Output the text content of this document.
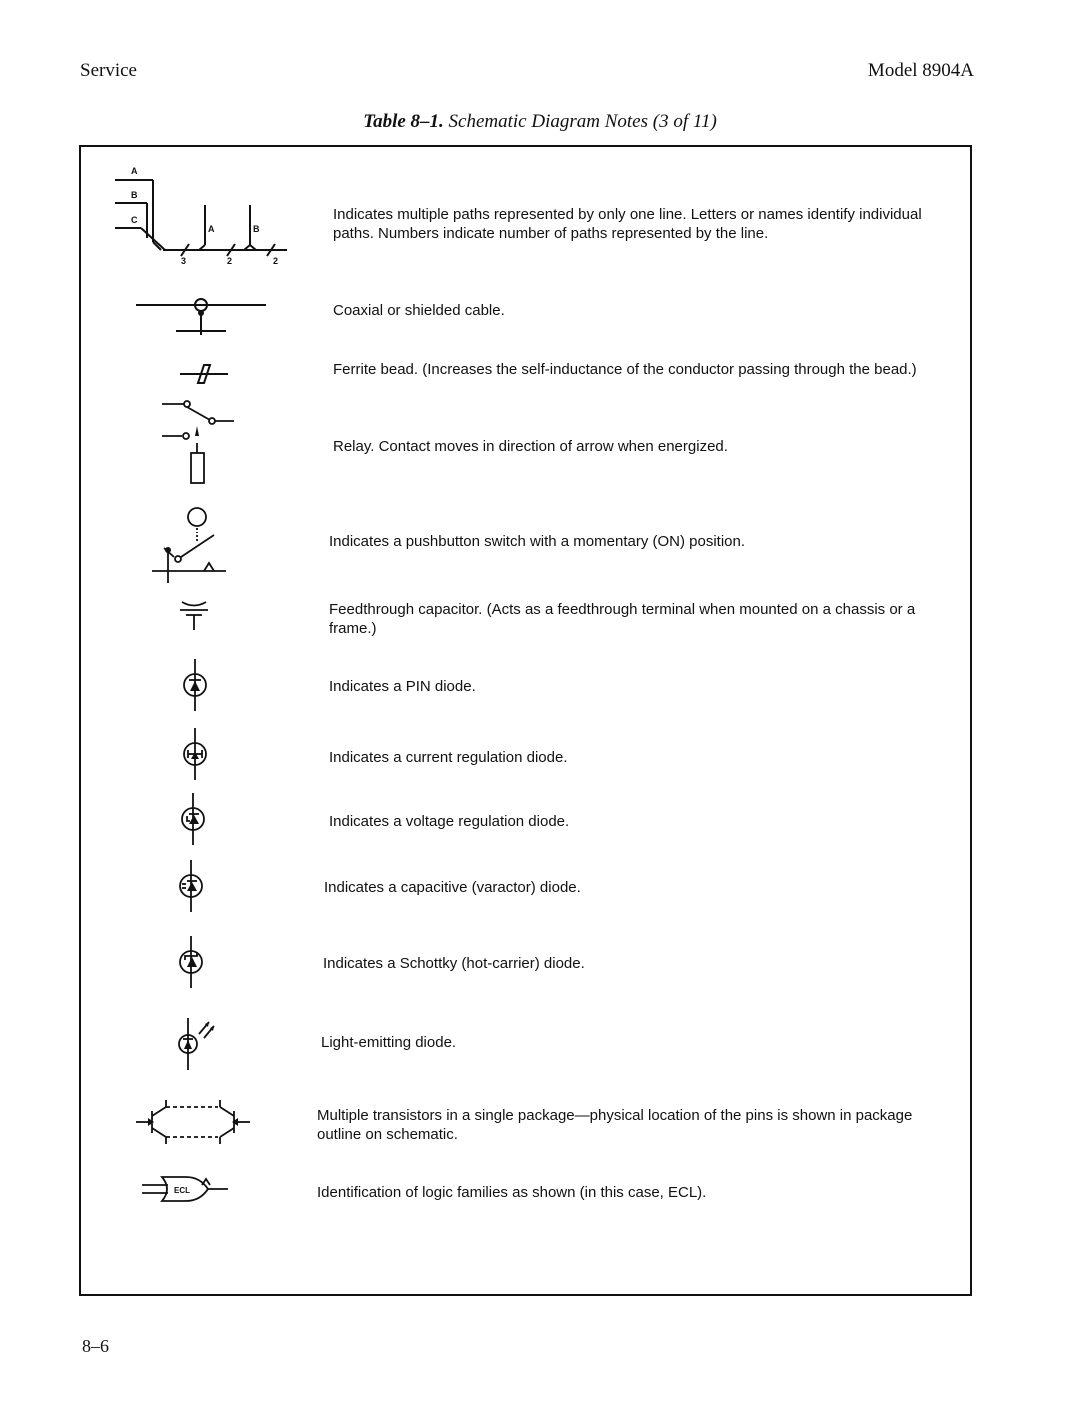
Service	Model 8904A
Table 8–1. Schematic Diagram Notes (3 of 11)
A
B
C
A	B
3	2	2
Indicates multiple paths represented by only one line. Letters or names identify individual paths. Numbers indicate number of paths represented by the line.
Coaxial or shielded cable.
Ferrite bead. (Increases the self-inductance of the conductor passing through the bead.)
Relay. Contact moves in direction of arrow when energized.
Indicates a pushbutton switch with a momentary (ON) position.
Feedthrough capacitor. (Acts as a feedthrough terminal when mounted on a chassis or a frame.)
Indicates a PIN diode.
Indicates a current regulation diode.
Indicates a voltage regulation diode.
Indicates a capacitive (varactor) diode.
Indicates a Schottky (hot-carrier) diode.
Light-emitting diode.
Multiple transistors in a single package—physical location of the pins is shown in package outline on schematic.
ECL	Identification of logic families as shown (in this case, ECL).
8–6
